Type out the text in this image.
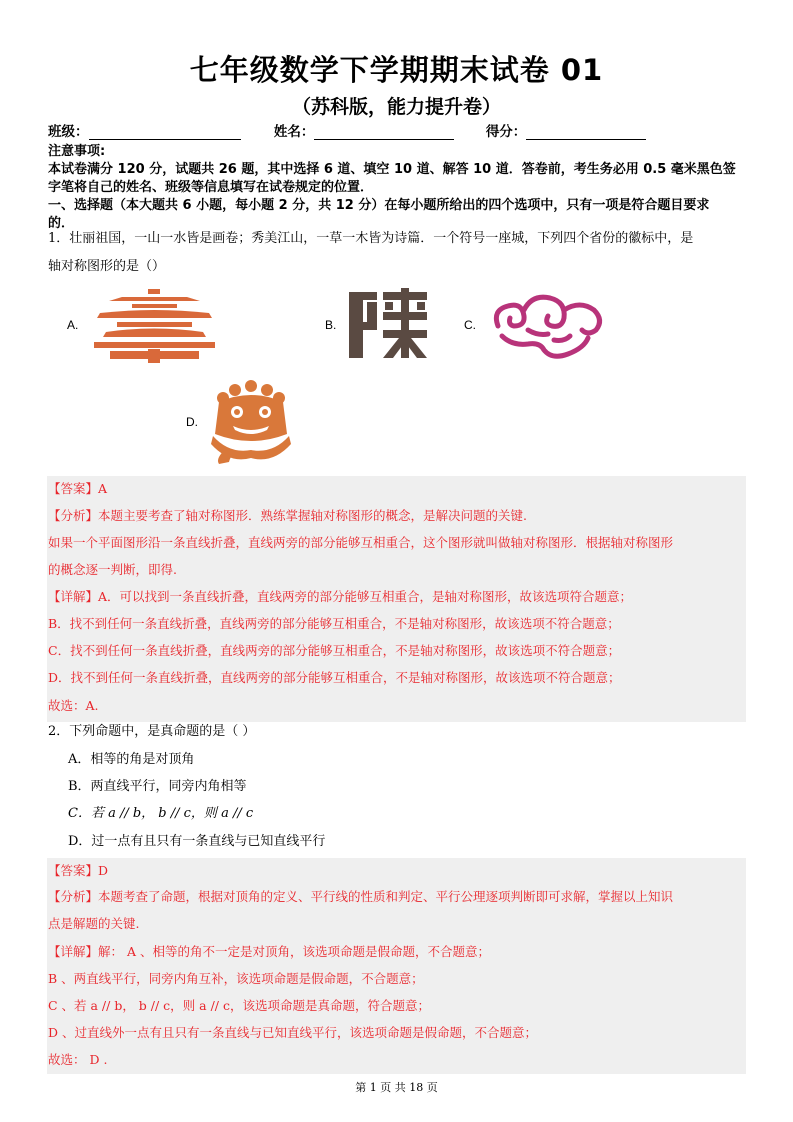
七年级数学下学期期末试卷 01
（苏科版，能力提升卷）
班级：	姓名：	得分：
注意事项:
本试卷满分 120 分，试题共 26 题，其中选择 6 道、填空 10 道、解答 10 道．答卷前，考生务必用 0.5 毫米黑色签
字笔将自己的姓名、班级等信息填写在试卷规定的位置．
一、选择题（本大题共 6 小题，每小题 2 分，共 12 分）在每小题所给出的四个选项中，只有一项是符合题目要求
的．
1．壮丽祖国，一山一水皆是画卷；秀美江山，一草一木皆为诗篇．一个符号一座城，下列四个省份的徽标中，是
轴对称图形的是（）
A.	B.	C.
D.
【答案】A
【分析】本题主要考查了轴对称图形．熟练掌握轴对称图形的概念，是解决问题的关键.
如果一个平面图形沿一条直线折叠，直线两旁的部分能够互相重合，这个图形就叫做轴对称图形．根据轴对称图形
的概念逐一判断，即得.
【详解】A．可以找到一条直线折叠，直线两旁的部分能够互相重合，是轴对称图形，故该选项符合题意；
B．找不到任何一条直线折叠，直线两旁的部分能够互相重合，不是轴对称图形，故该选项不符合题意；
C．找不到任何一条直线折叠，直线两旁的部分能够互相重合，不是轴对称图形，故该选项不符合题意；
D．找不到任何一条直线折叠，直线两旁的部分能够互相重合，不是轴对称图形，故该选项不符合题意；
故选：A.
2．下列命题中，是真命题的是（ ）
A．相等的角是对顶角
B．两直线平行，同旁内角相等
C．若 a // b， b // c，则 a // c
D．过一点有且只有一条直线与已知直线平行
【答案】D
【分析】本题考查了命题，根据对顶角的定义、平行线的性质和判定、平行公理逐项判断即可求解，掌握以上知识
点是解题的关键.
【详解】解： A 、相等的角不一定是对顶角，该选项命题是假命题，不合题意；
B 、两直线平行，同旁内角互补，该选项命题是假命题，不合题意；
C 、若 a // b， b // c，则 a // c，该选项命题是真命题，符合题意；
D 、过直线外一点有且只有一条直线与已知直线平行，该选项命题是假命题，不合题意；
故选： D .
第 1 页 共 18 页
